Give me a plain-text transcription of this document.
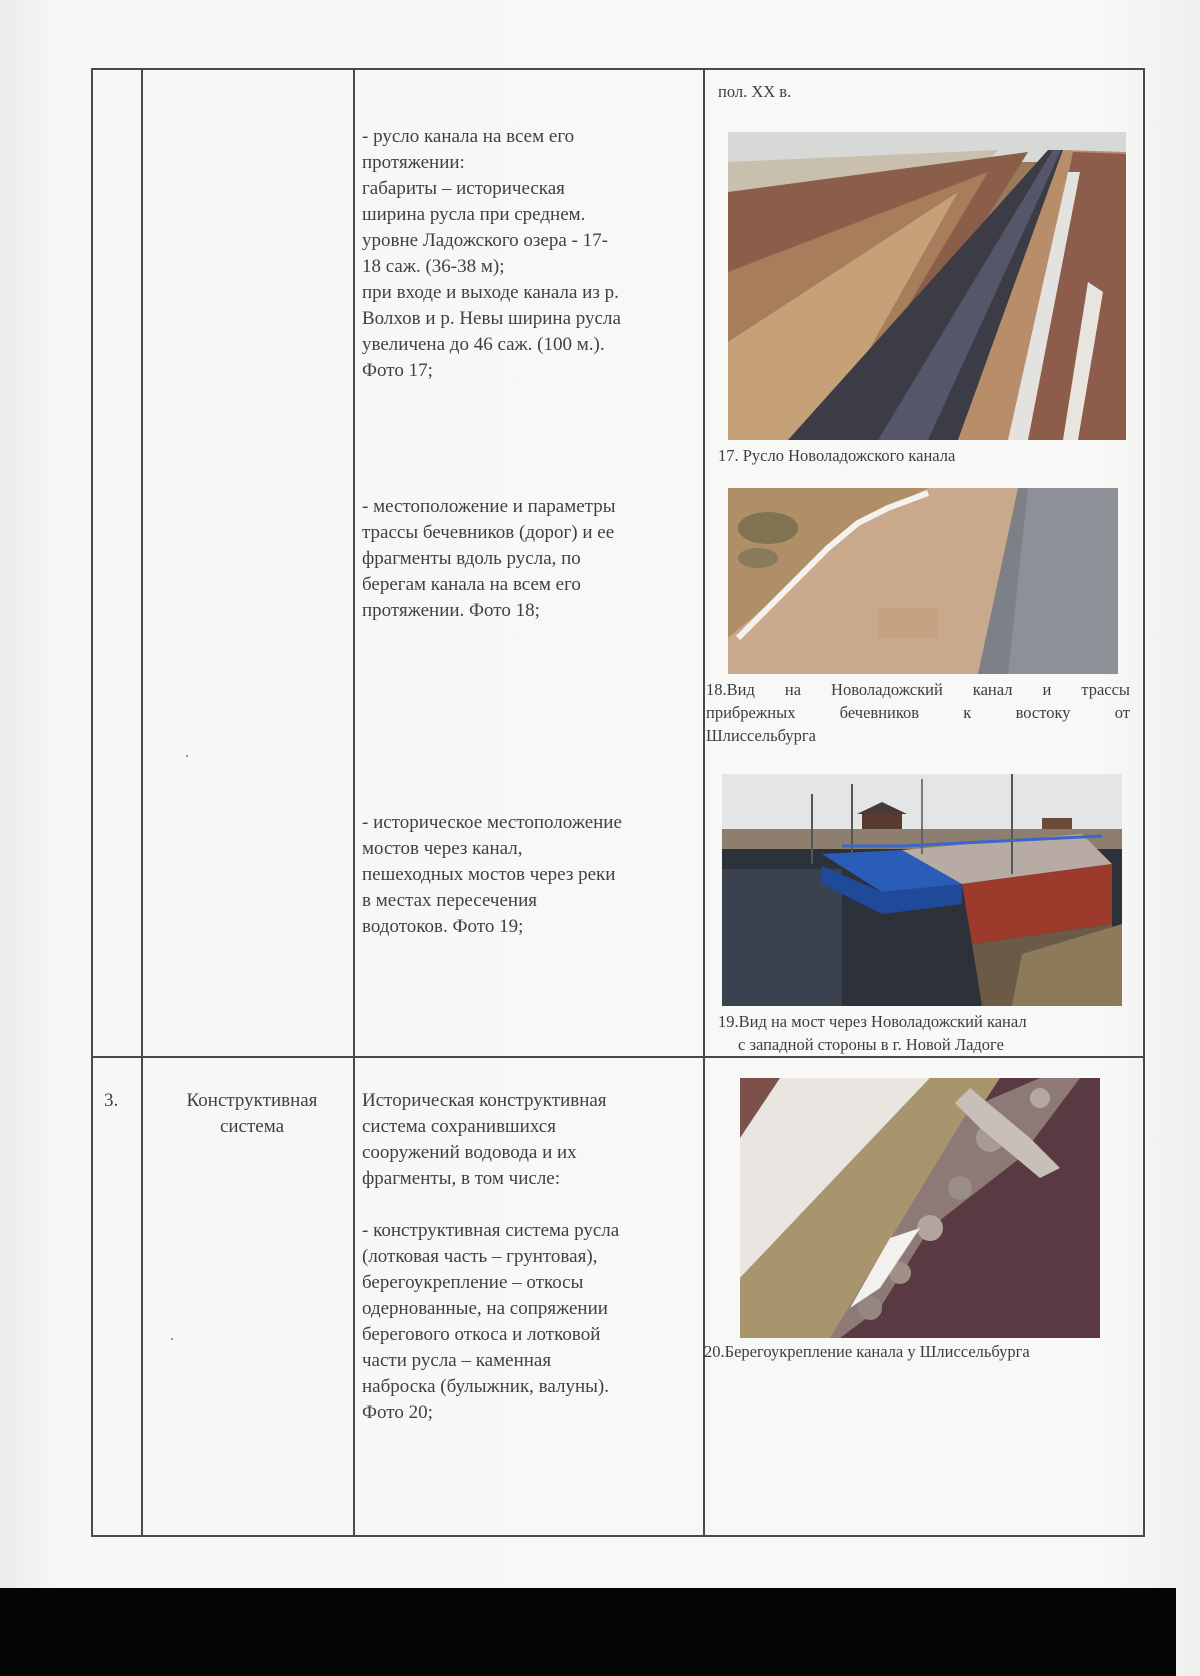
пол. XX в.
- русло канала на всем его
протяжении:
габариты – историческая
ширина русла при среднем.
уровне Ладожского озера - 17-
18 саж. (36-38 м);
при входе и выходе канала из р.
Волхов и р. Невы ширина русла
увеличена до 46 саж. (100 м.).
Фото 17;
17. Русло Новоладожского канала
- местоположение и параметры
трассы бечевников (дорог) и ее
фрагменты вдоль русла, по
берегам канала на всем его
протяжении. Фото 18;
18.Вид на Новоладожский канал и трассы
прибрежных бечевников к востоку от
Шлиссельбурга
- историческое местоположение
мостов через канал,
пешеходных мостов через реки
в местах пересечения
водотоков. Фото 19;
19.Вид на мост через Новоладожский канал
с западной стороны в г. Новой Ладоге
3.	Конструктивная
система
Историческая конструктивная
система сохранившихся
сооружений водовода и их
фрагменты, в том числе:

- конструктивная система русла
(лотковая часть – грунтовая),
берегоукрепление – откосы
одернованные, на сопряжении
берегового откоса и лотковой
части русла – каменная
наброска (булыжник, валуны).
Фото 20;
20.Берегоукрепление канала у Шлиссельбурга
